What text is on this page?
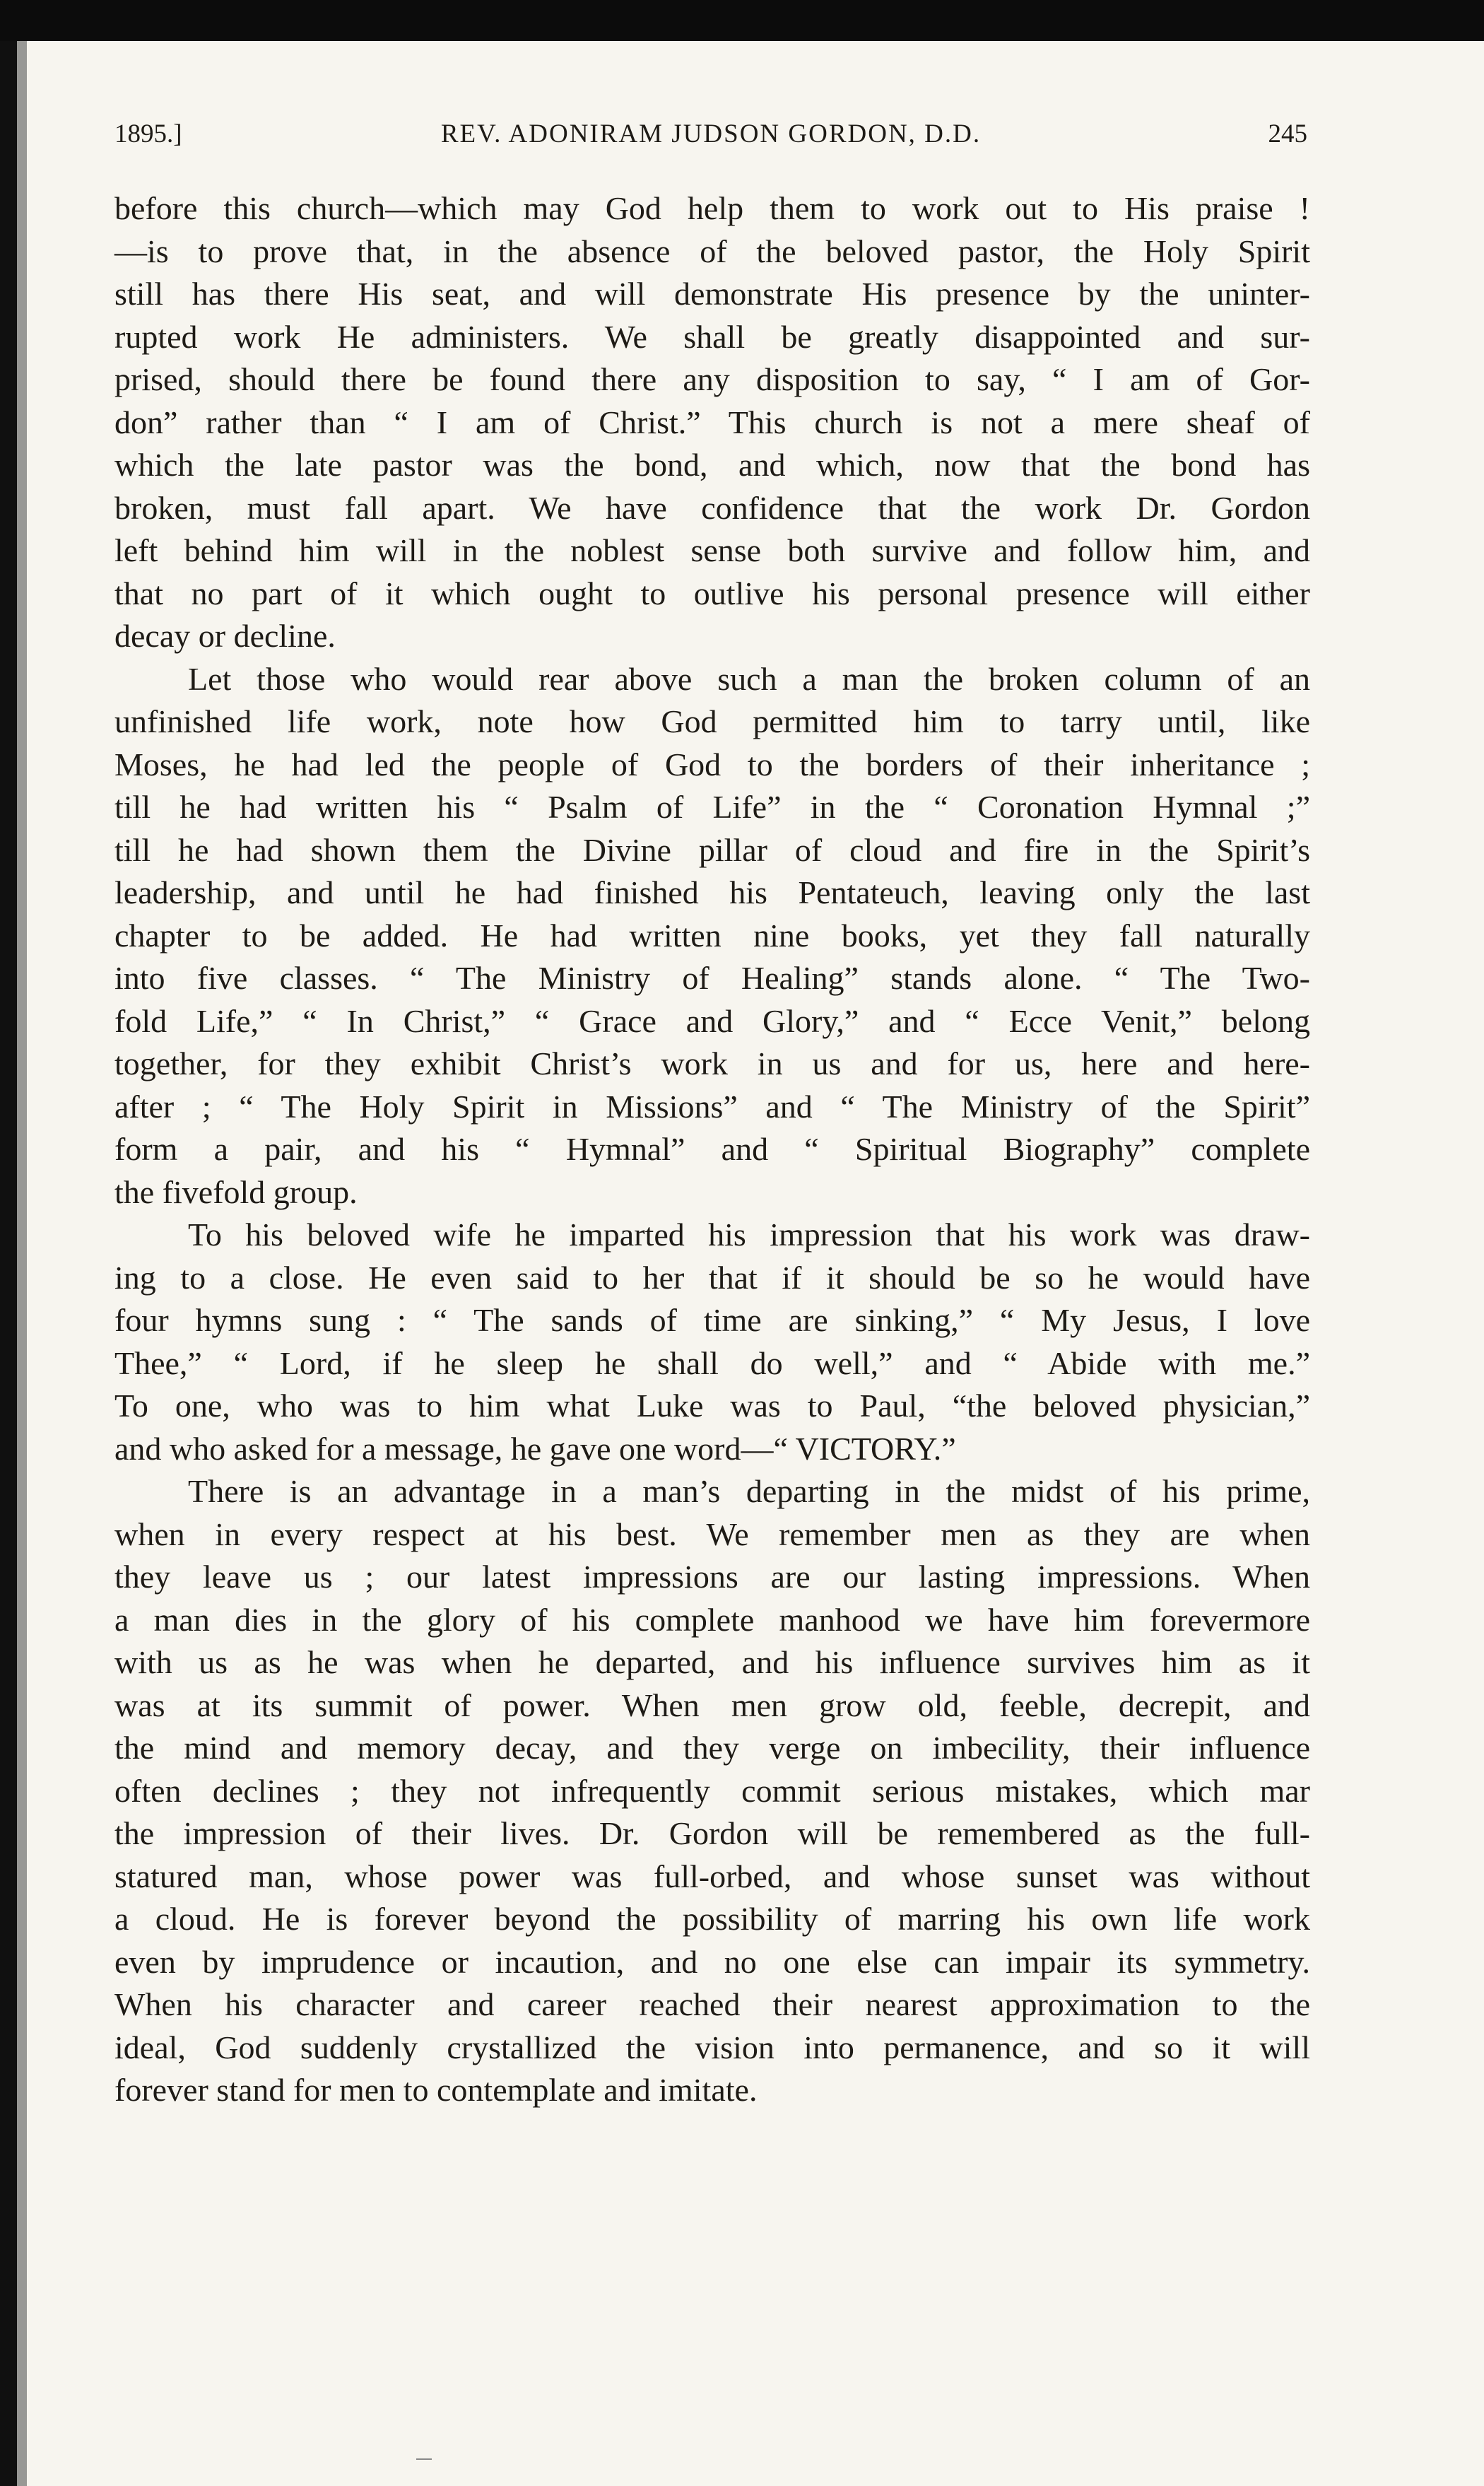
1895.]	REV. ADONIRAM JUDSON GORDON, D.D.	245

before this church—which may God help them to work out to His praise !
—is to prove that, in the absence of the beloved pastor, the Holy Spirit
still has there His seat, and will demonstrate His presence by the uninter-
rupted work He administers. We shall be greatly disappointed and sur-
prised, should there be found there any disposition to say, “ I am of Gor-
don” rather than “ I am of Christ.” This church is not a mere sheaf of
which the late pastor was the bond, and which, now that the bond has
broken, must fall apart. We have confidence that the work Dr. Gordon
left behind him will in the noblest sense both survive and follow him, and
that no part of it which ought to outlive his personal presence will either
decay or decline.

Let those who would rear above such a man the broken column of an
unfinished life work, note how God permitted him to tarry until, like
Moses, he had led the people of God to the borders of their inheritance ;
till he had written his “ Psalm of Life” in the “ Coronation Hymnal ;”
till he had shown them the Divine pillar of cloud and fire in the Spirit’s
leadership, and until he had finished his Pentateuch, leaving only the last
chapter to be added. He had written nine books, yet they fall naturally
into five classes. “ The Ministry of Healing” stands alone. “ The Two-
fold Life,” “ In Christ,” “ Grace and Glory,” and “ Ecce Venit,” belong
together, for they exhibit Christ’s work in us and for us, here and here-
after ; “ The Holy Spirit in Missions” and “ The Ministry of the Spirit”
form a pair, and his “ Hymnal” and “ Spiritual Biography” complete
the fivefold group.

To his beloved wife he imparted his impression that his work was draw-
ing to a close. He even said to her that if it should be so he would have
four hymns sung : “ The sands of time are sinking,” “ My Jesus, I love
Thee,” “ Lord, if he sleep he shall do well,” and “ Abide with me.”
To one, who was to him what Luke was to Paul, “the beloved physician,”
and who asked for a message, he gave one word—“ VICTORY.”

There is an advantage in a man’s departing in the midst of his prime,
when in every respect at his best. We remember men as they are when
they leave us ; our latest impressions are our lasting impressions. When
a man dies in the glory of his complete manhood we have him forevermore
with us as he was when he departed, and his influence survives him as it
was at its summit of power. When men grow old, feeble, decrepit, and
the mind and memory decay, and they verge on imbecility, their influence
often declines ; they not infrequently commit serious mistakes, which mar
the impression of their lives. Dr. Gordon will be remembered as the full-
statured man, whose power was full-orbed, and whose sunset was without
a cloud. He is forever beyond the possibility of marring his own life work
even by imprudence or incaution, and no one else can impair its symmetry.
When his character and career reached their nearest approximation to the
ideal, God suddenly crystallized the vision into permanence, and so it will
forever stand for men to contemplate and imitate.
